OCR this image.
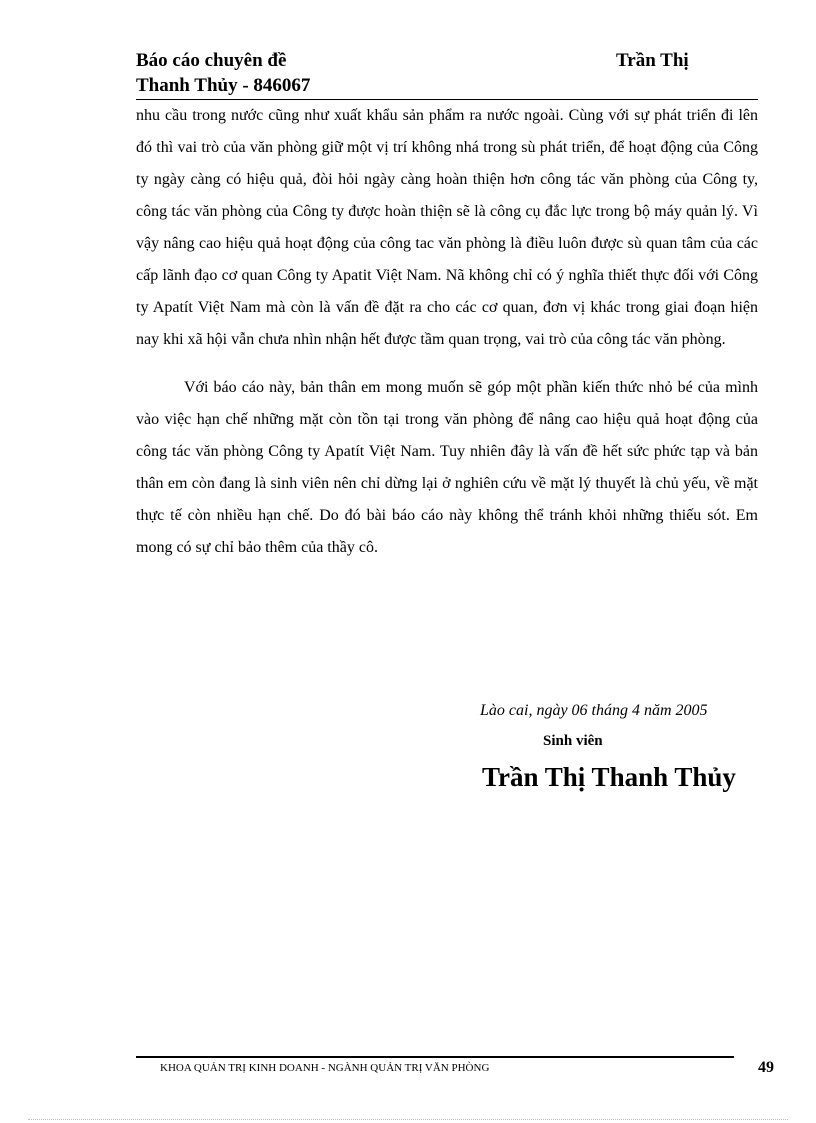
Báo cáo chuyên đề	Trần Thị
Thanh Thủy - 846067

nhu cầu trong nước cũng như xuất khẩu sản phẩm ra nước ngoài. Cùng với sự phát triển đi lên đó thì vai trò của văn phòng giữ một vị trí không nhá trong sù phát triển, để hoạt động của Công ty ngày càng có hiệu quả, đòi hỏi ngày càng hoàn thiện hơn công tác văn phòng của Công ty, công tác văn phòng của Công ty được hoàn thiện sẽ là công cụ đắc lực trong bộ máy quản lý. Vì vậy nâng cao hiệu quả hoạt động của công tac văn phòng là điều luôn được sù quan tâm của các cấp lãnh đạo cơ quan Công ty Apatit Việt Nam. Nã không chỉ có ý nghĩa thiết thực đối với Công ty Apatít Việt Nam mà còn là vấn đề đặt ra cho các cơ quan, đơn vị khác trong giai đoạn hiện nay khi xã hội vẫn chưa nhìn nhận hết được tầm quan trọng, vai trò của công tác văn phòng.

Với báo cáo này, bản thân em mong muốn sẽ góp một phần kiến thức nhỏ bé của mình vào việc hạn chế những mặt còn tồn tại trong văn phòng để nâng cao hiệu quả hoạt động của công tác văn phòng Công ty Apatít Việt Nam. Tuy nhiên đây là vấn đề hết sức phức tạp và bản thân em còn đang là sinh viên nên chỉ dừng lại ở nghiên cứu về mặt lý thuyết là chủ yếu, về mặt thực tế còn nhiều hạn chế. Do đó bài báo cáo này không thể tránh khỏi những thiếu sót. Em mong có sự chỉ bảo thêm của thầy cô.

Lào cai, ngày 06 tháng 4 năm 2005
Sinh viên
Trần Thị Thanh Thủy
KHOA QUẢN TRỊ KINH DOANH - NGÀNH QUẢN TRỊ VĂN PHÒNG	49
